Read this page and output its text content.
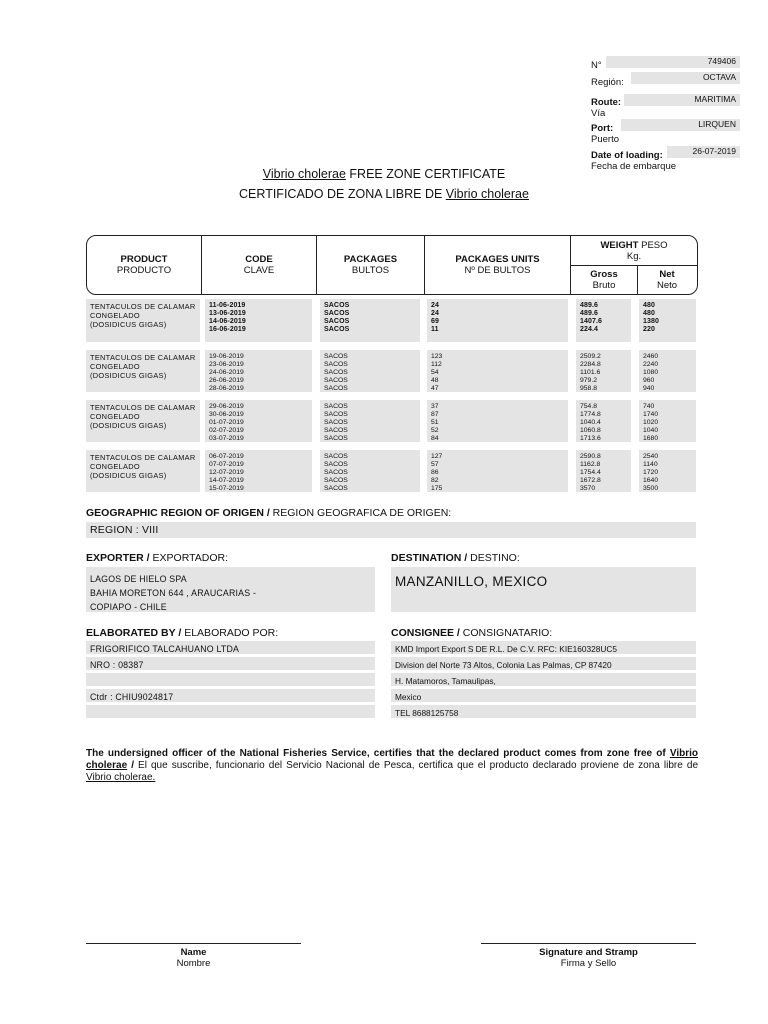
N°	749406
Región:	OCTAVA
Route:
Vía
MARITIMA
Port:
Puerto
LIRQUEN
Date of loading:
Fecha de embarque
26-07-2019
Vibrio cholerae FREE ZONE CERTIFICATE
CERTIFICADO DE ZONA LIBRE DE Vibrio cholerae
PRODUCT
PRODUCTO
CODE
CLAVE
PACKAGES
BULTOS
PACKAGES UNITS
Nº DE BULTOS
WEIGHT PESO
Kg.
Gross
Bruto
Net
Neto
TENTACULOS DE CALAMAR
CONGELADO
(DOSIDICUS GIGAS)
11-06-2019
13-06-2019
14-06-2019
16-06-2019
SACOS
SACOS
SACOS
SACOS
24
24
69
11
489.6
489.6
1407.6
224.4
480
480
1380
220
TENTACULOS DE CALAMAR
CONGELADO
(DOSIDICUS GIGAS)
19-06-2019
23-06-2019
24-06-2019
26-06-2019
28-06-2019
SACOS
SACOS
SACOS
SACOS
SACOS
123
112
54
48
47
2509.2
2284.8
1101.6
979.2
958.8
2460
2240
1080
960
940
TENTACULOS DE CALAMAR
CONGELADO
(DOSIDICUS GIGAS)
29-06-2019
30-06-2019
01-07-2019
02-07-2019
03-07-2019
SACOS
SACOS
SACOS
SACOS
SACOS
37
87
51
52
84
754.8
1774.8
1040.4
1060.8
1713.6
740
1740
1020
1040
1680
TENTACULOS DE CALAMAR
CONGELADO
(DOSIDICUS GIGAS)
06-07-2019
07-07-2019
12-07-2019
14-07-2019
15-07-2019
SACOS
SACOS
SACOS
SACOS
SACOS
127
57
86
82
175
2590.8
1162.8
1754.4
1672.8
3570
2540
1140
1720
1640
3500
GEOGRAPHIC REGION OF ORIGEN / REGION GEOGRAFICA DE ORIGEN:
REGION : VIII
EXPORTER / EXPORTADOR:
LAGOS DE HIELO SPA
BAHIA MORETON 644 , ARAUCARIAS -
COPIAPO - CHILE
DESTINATION / DESTINO:
MANZANILLO, MEXICO
ELABORATED BY / ELABORADO POR:
FRIGORIFICO TALCAHUANO LTDA
NRO : 08387
Ctdr : CHIU9024817
CONSIGNEE / CONSIGNATARIO:
KMD Import Export S DE R.L. De C.V. RFC: KIE160328UC5
Division del Norte 73 Altos, Colonia Las Palmas, CP 87420
H. Matamoros, Tamaulipas,
Mexico
TEL 8688125758
The undersigned officer of the National Fisheries Service, certifies that the declared product comes from zone free of Vibrio cholerae / El que suscribe, funcionario del Servicio Nacional de Pesca, certifica que el producto declarado proviene de zona libre de Vibrio cholerae.
Name
Nombre
Signature and Stramp
Firma y Sello
